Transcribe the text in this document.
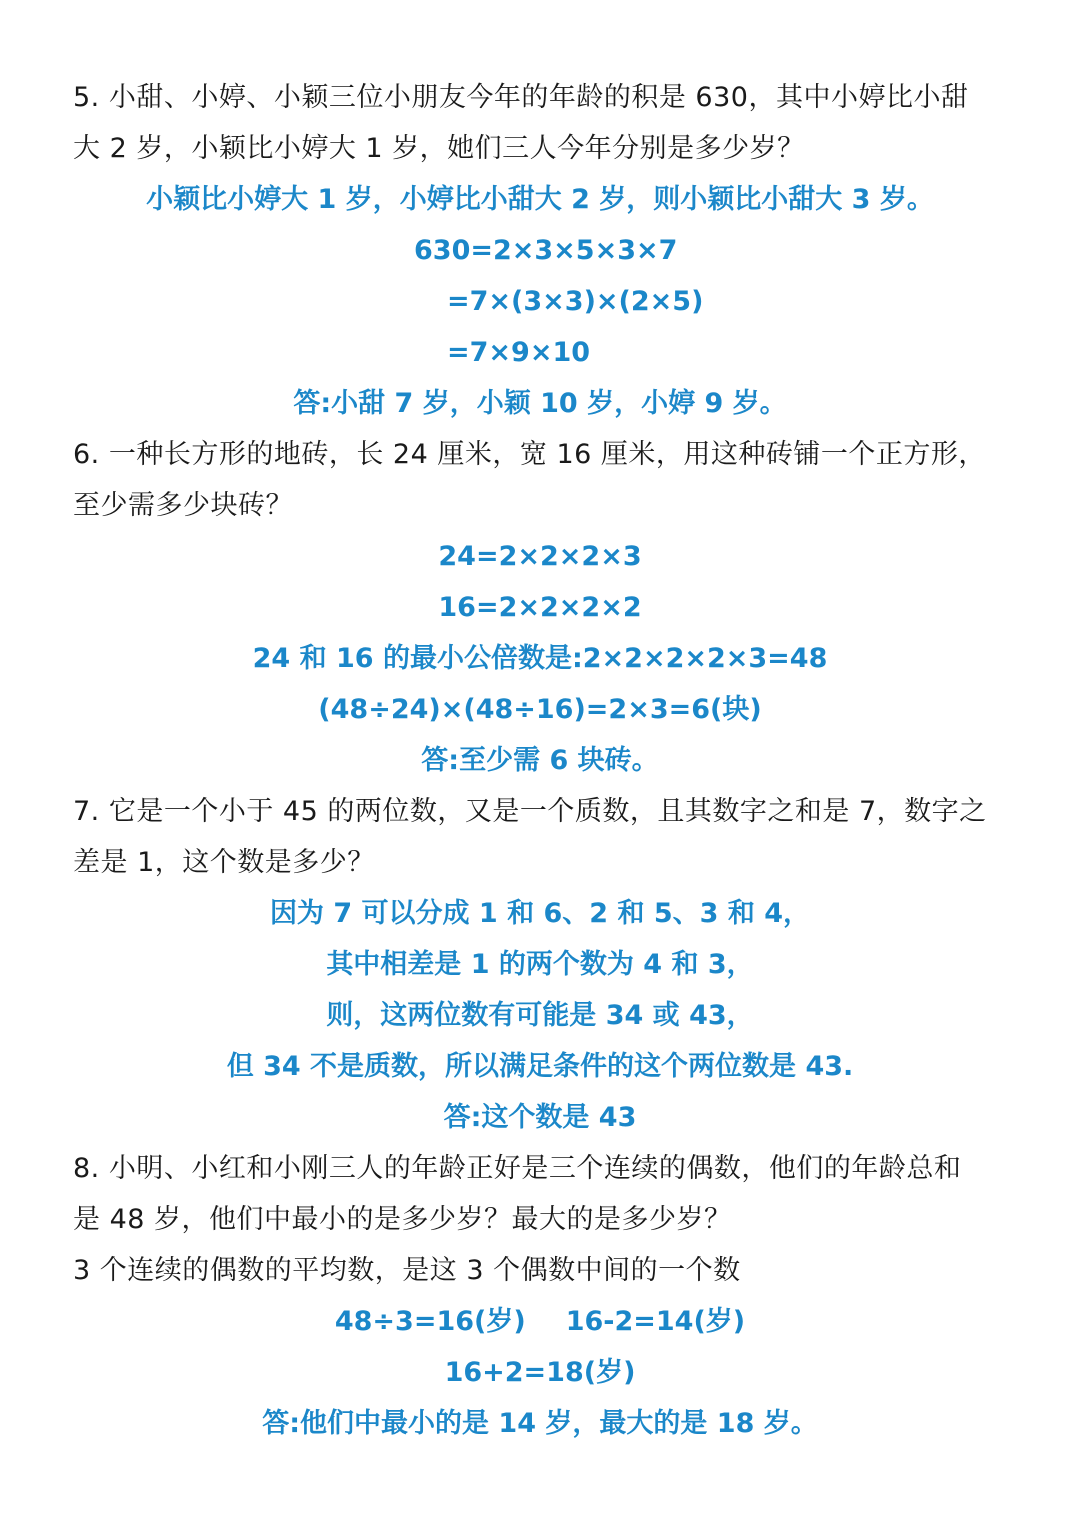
5. 小甜、小婷、小颖三位小朋友今年的年龄的积是 630，其中小婷比小甜
大 2 岁，小颖比小婷大 1 岁，她们三人今年分别是多少岁？
小颖比小婷大 1 岁，小婷比小甜大 2 岁，则小颖比小甜大 3 岁。
630=2×3×5×3×7
=7×(3×3)×(2×5)
=7×9×10
答:小甜 7 岁，小颖 10 岁，小婷 9 岁。
6. 一种长方形的地砖，长 24 厘米，宽 16 厘米，用这种砖铺一个正方形，
至少需多少块砖？
24=2×2×2×3
16=2×2×2×2
24 和 16 的最小公倍数是:2×2×2×2×3=48
(48÷24)×(48÷16)=2×3=6(块)
答:至少需 6 块砖。
7. 它是一个小于 45 的两位数，又是一个质数，且其数字之和是 7，数字之
差是 1，这个数是多少？
因为 7 可以分成 1 和 6、2 和 5、3 和 4，
其中相差是 1 的两个数为 4 和 3，
则，这两位数有可能是 34 或 43，
但 34 不是质数，所以满足条件的这个两位数是 43.
答:这个数是 43
8. 小明、小红和小刚三人的年龄正好是三个连续的偶数，他们的年龄总和
是 48 岁，他们中最小的是多少岁？最大的是多少岁？
3 个连续的偶数的平均数，是这 3 个偶数中间的一个数
48÷3=16(岁) 16-2=14(岁)
16+2=18(岁)
答:他们中最小的是 14 岁，最大的是 18 岁。
